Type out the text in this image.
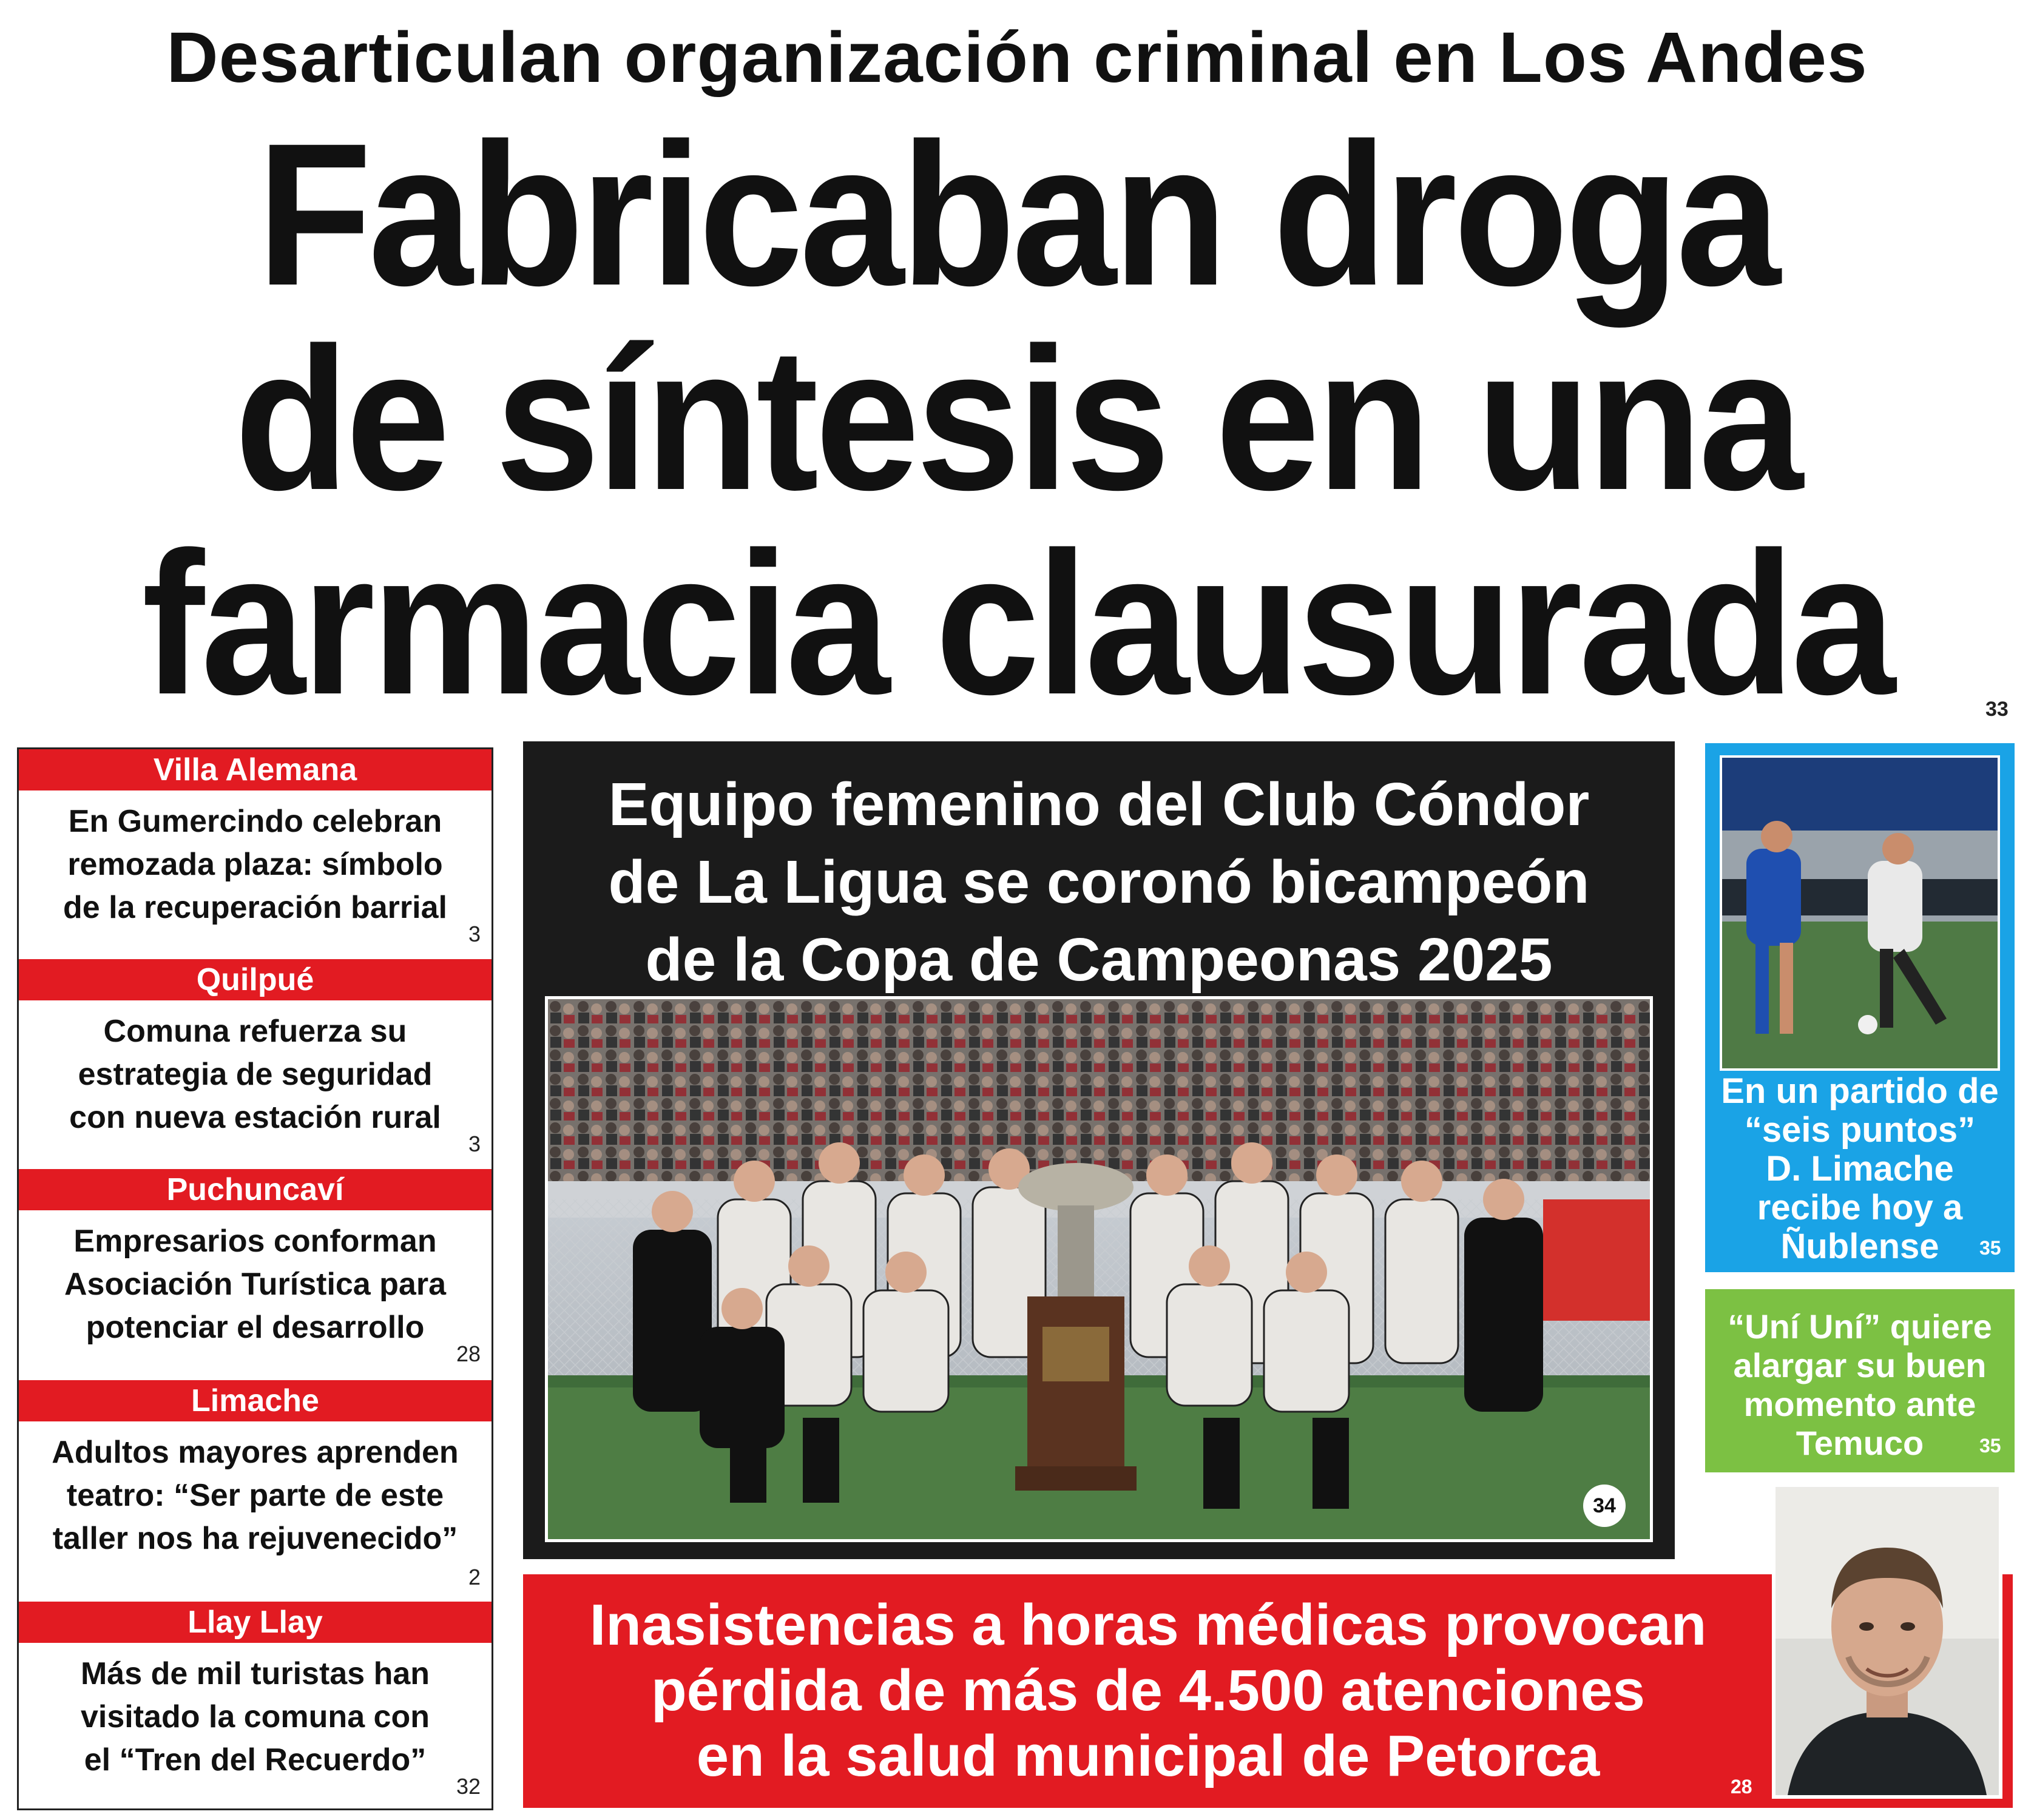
Desarticulan organización criminal en Los Andes
Fabricaban droga
de síntesis en una
farmacia clausurada	33
Villa Alemana
En Gumercindo celebran
remozada plaza: símbolo
de la recuperación barrial
3
Quilpué
Comuna refuerza su
estrategia de seguridad
con nueva estación rural
3
Puchuncaví
Empresarios conforman
Asociación Turística para
potenciar el desarrollo
28
Limache
Adultos mayores aprenden
teatro: “Ser parte de este
taller nos ha rejuvenecido”
2
Llay Llay
Más de mil turistas han
visitado la comuna con
el “Tren del Recuerdo”
32
Equipo femenino del Club Cóndor
de La Ligua se coronó bicampeón
de la Copa de Campeonas 2025
34
Inasistencias a horas médicas provocan
pérdida de más de 4.500 atenciones
en la salud municipal de Petorca	28
En un partido de
“seis puntos”
D. Limache
recibe hoy a
Ñublense	35
“Uní Uní” quiere
alargar su buen
momento ante
Temuco	35
